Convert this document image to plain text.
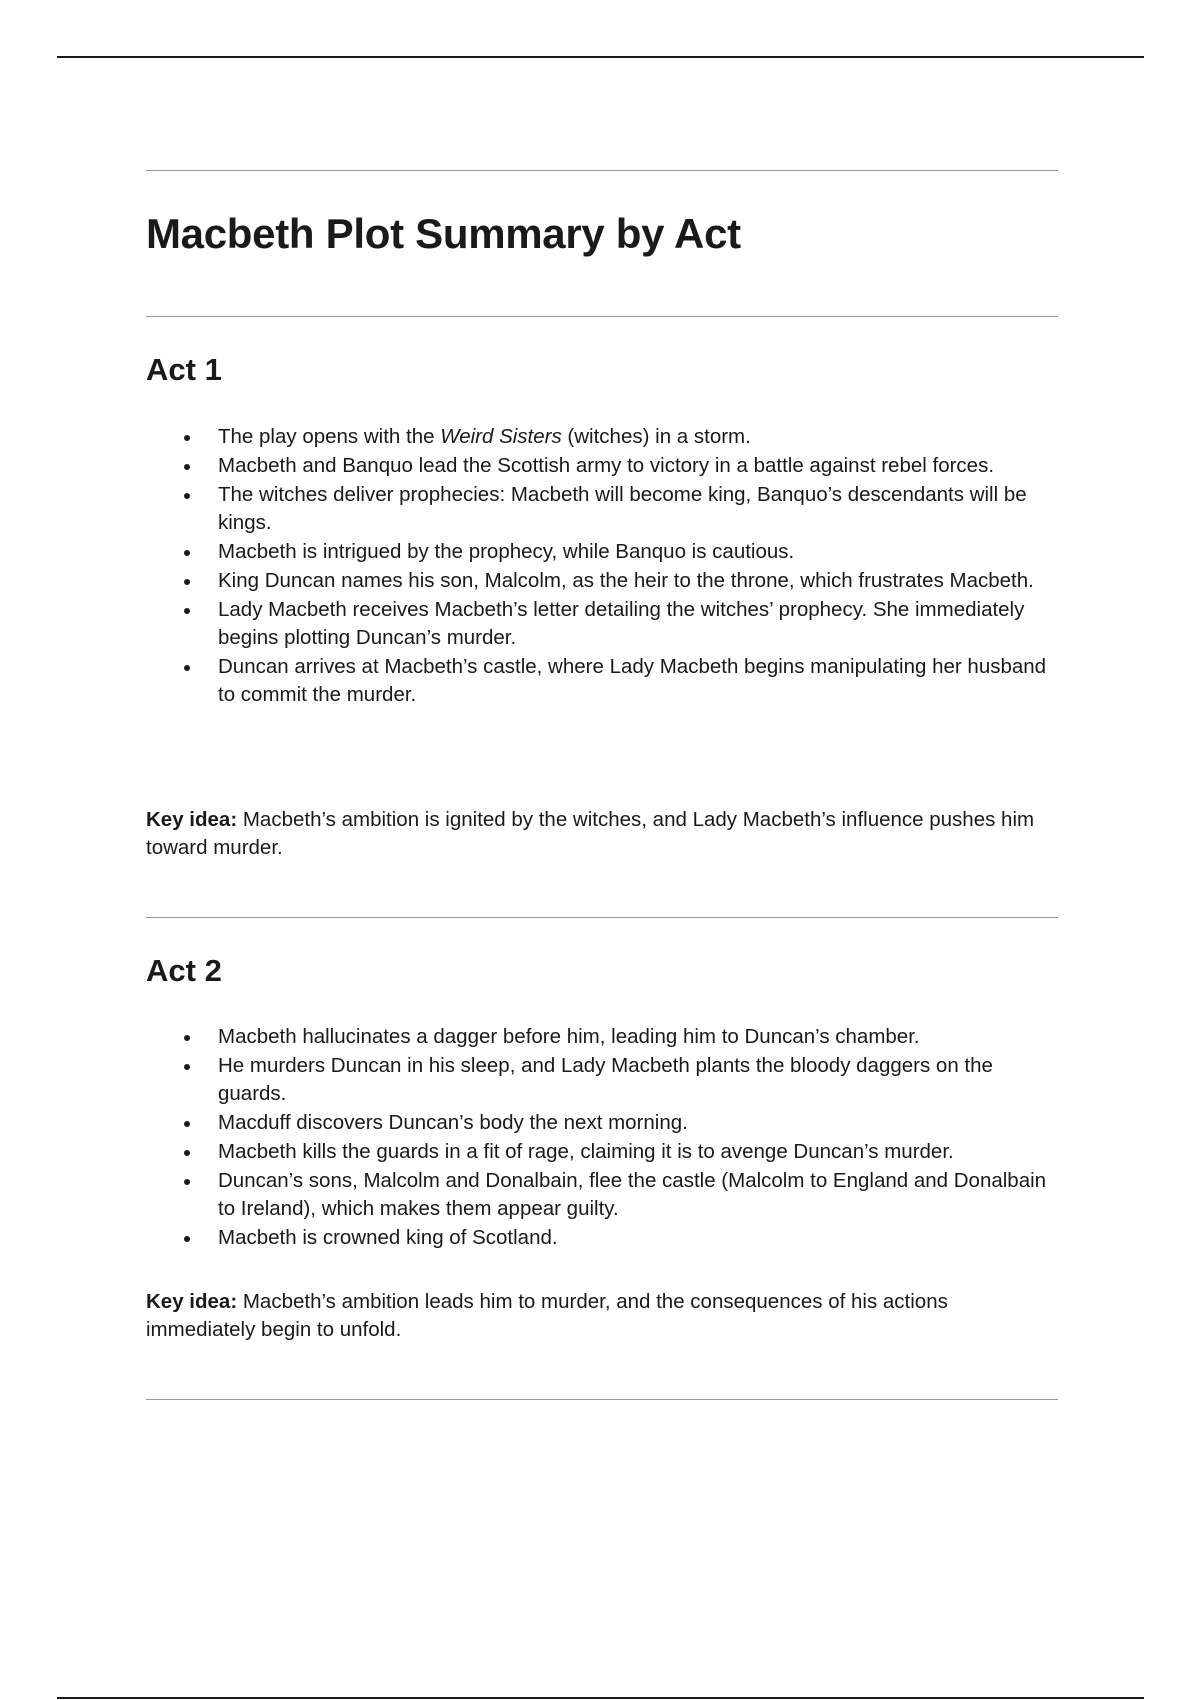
Macbeth Plot Summary by Act
Act 1
The play opens with the Weird Sisters (witches) in a storm.
Macbeth and Banquo lead the Scottish army to victory in a battle against rebel forces.
The witches deliver prophecies: Macbeth will become king, Banquo’s descendants will be kings.
Macbeth is intrigued by the prophecy, while Banquo is cautious.
King Duncan names his son, Malcolm, as the heir to the throne, which frustrates Macbeth.
Lady Macbeth receives Macbeth’s letter detailing the witches’ prophecy. She immediately begins plotting Duncan’s murder.
Duncan arrives at Macbeth’s castle, where Lady Macbeth begins manipulating her husband to commit the murder.

Key idea: Macbeth’s ambition is ignited by the witches, and Lady Macbeth’s influence pushes him toward murder.

Act 2
Macbeth hallucinates a dagger before him, leading him to Duncan’s chamber.
He murders Duncan in his sleep, and Lady Macbeth plants the bloody daggers on the guards.
Macduff discovers Duncan’s body the next morning.
Macbeth kills the guards in a fit of rage, claiming it is to avenge Duncan’s murder.
Duncan’s sons, Malcolm and Donalbain, flee the castle (Malcolm to England and Donalbain to Ireland), which makes them appear guilty.
Macbeth is crowned king of Scotland.

Key idea: Macbeth’s ambition leads him to murder, and the consequences of his actions immediately begin to unfold.
